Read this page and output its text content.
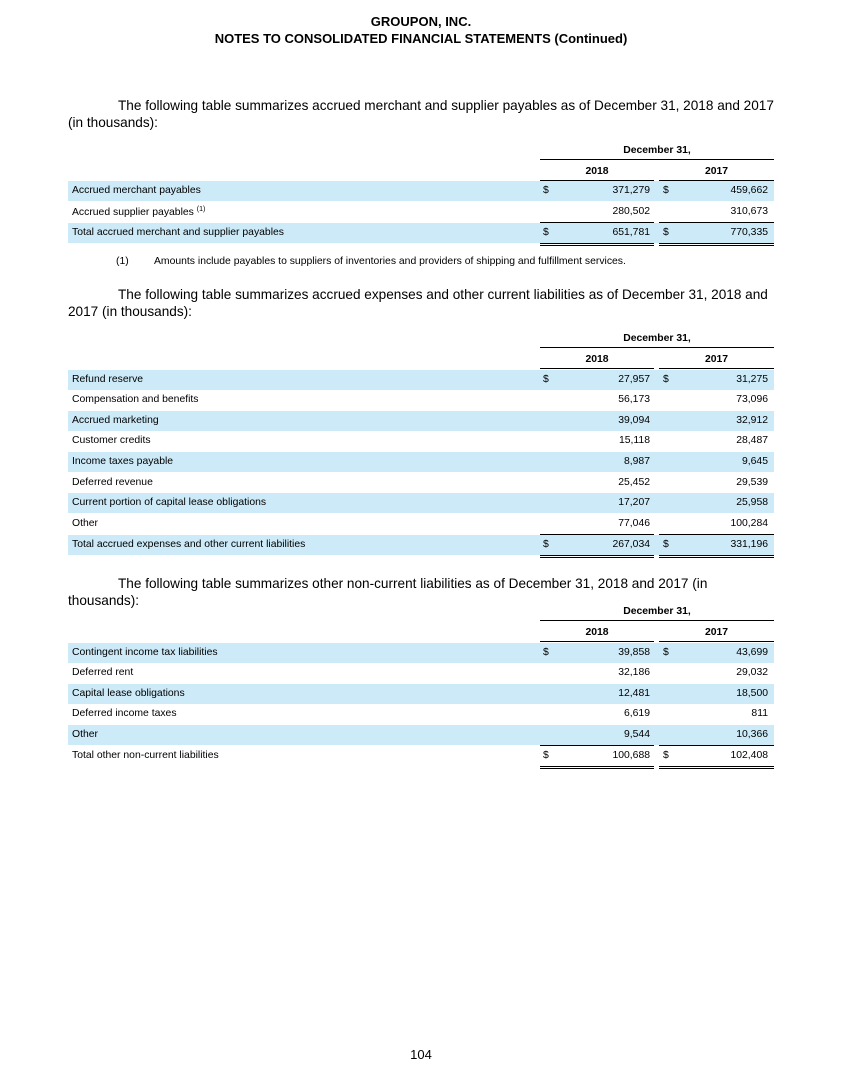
GROUPON, INC.
NOTES TO CONSOLIDATED FINANCIAL STATEMENTS (Continued)
The following table summarizes accrued merchant and supplier payables as of December 31, 2018 and 2017 (in thousands):
December 31,
2018	2017
Accrued merchant payables	$	371,279 $	459,662
Accrued supplier payables $^{(1)}$	280,502	310,673
Total accrued merchant and supplier payables	$	651,781 $	770,335
(1) Amounts include payables to suppliers of inventories and providers of shipping and fulfillment services.
The following table summarizes accrued expenses and other current liabilities as of December 31, 2018 and 2017 (in thousands):
December 31,
2018	2017
Refund reserve	$	27,957 $	31,275
Compensation and benefits	56,173	73,096
Accrued marketing	39,094	32,912
Customer credits	15,118	28,487
Income taxes payable	8,987	9,645
Deferred revenue	25,452	29,539
Current portion of capital lease obligations	17,207	25,958
Other	77,046	100,284
Total accrued expenses and other current liabilities	$	267,034 $	331,196
The following table summarizes other non-current liabilities as of December 31, 2018 and 2017 (in thousands):
December 31,
2018	2017
Contingent income tax liabilities	$	39,858 $	43,699
Deferred rent	32,186	29,032
Capital lease obligations	12,481	18,500
Deferred income taxes	6,619	811
Other	9,544	10,366
Total other non-current liabilities	$	100,688 $	102,408
104
